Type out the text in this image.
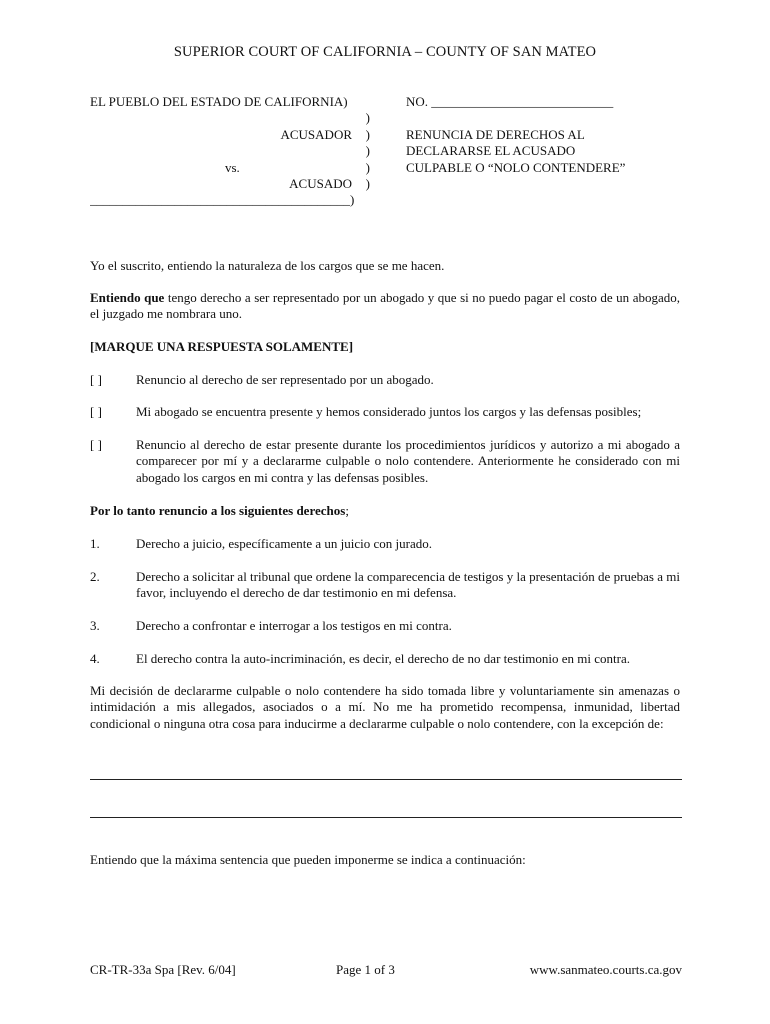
SUPERIOR COURT OF CALIFORNIA – COUNTY OF SAN MATEO
EL PUEBLO DEL ESTADO DE CALIFORNIA)
)
ACUSADOR )
)
vs.	)
ACUSADO )
________________________________________)
NO. ____________________________
RENUNCIA DE DERECHOS AL
DECLARARSE EL ACUSADO
CULPABLE O “NOLO CONTENDERE”
Yo el suscrito, entiendo la naturaleza de los cargos que se me hacen.
Entiendo que tengo derecho a ser representado por un abogado y que si no puedo pagar el costo de un abogado, el juzgado me nombrara uno.
[MARQUE UNA RESPUESTA SOLAMENTE]
[ ]	Renuncio al derecho de ser representado por un abogado.
[ ]	Mi abogado se encuentra presente y hemos considerado juntos los cargos y las defensas posibles;
[ ]	Renuncio al derecho de estar presente durante los procedimientos jurídicos y autorizo a mi abogado a comparecer por mí y a declararme culpable o nolo contendere. Anteriormente he considerado con mi abogado los cargos en mi contra y las defensas posibles.
Por lo tanto renuncio a los siguientes derechos;
1.	Derecho a juicio, específicamente a un juicio con jurado.
2.	Derecho a solicitar al tribunal que ordene la comparecencia de testigos y la presentación de pruebas a mi favor, incluyendo el derecho de dar testimonio en mi defensa.
3.	Derecho a confrontar e interrogar a los testigos en mi contra.
4.	El derecho contra la auto-incriminación, es decir, el derecho de no dar testimonio en mi contra.
Mi decisión de declararme culpable o nolo contendere ha sido tomada libre y voluntariamente sin amenazas o intimidación a mis allegados, asociados o a mí. No me ha prometido recompensa, inmunidad, libertad condicional o ninguna otra cosa para inducirme a declararme culpable o nolo contendere, con la excepción de:
Entiendo que la máxima sentencia que pueden imponerme se indica a continuación:
CR-TR-33a Spa [Rev. 6/04]	Page 1 of 3	www.sanmateo.courts.ca.gov
